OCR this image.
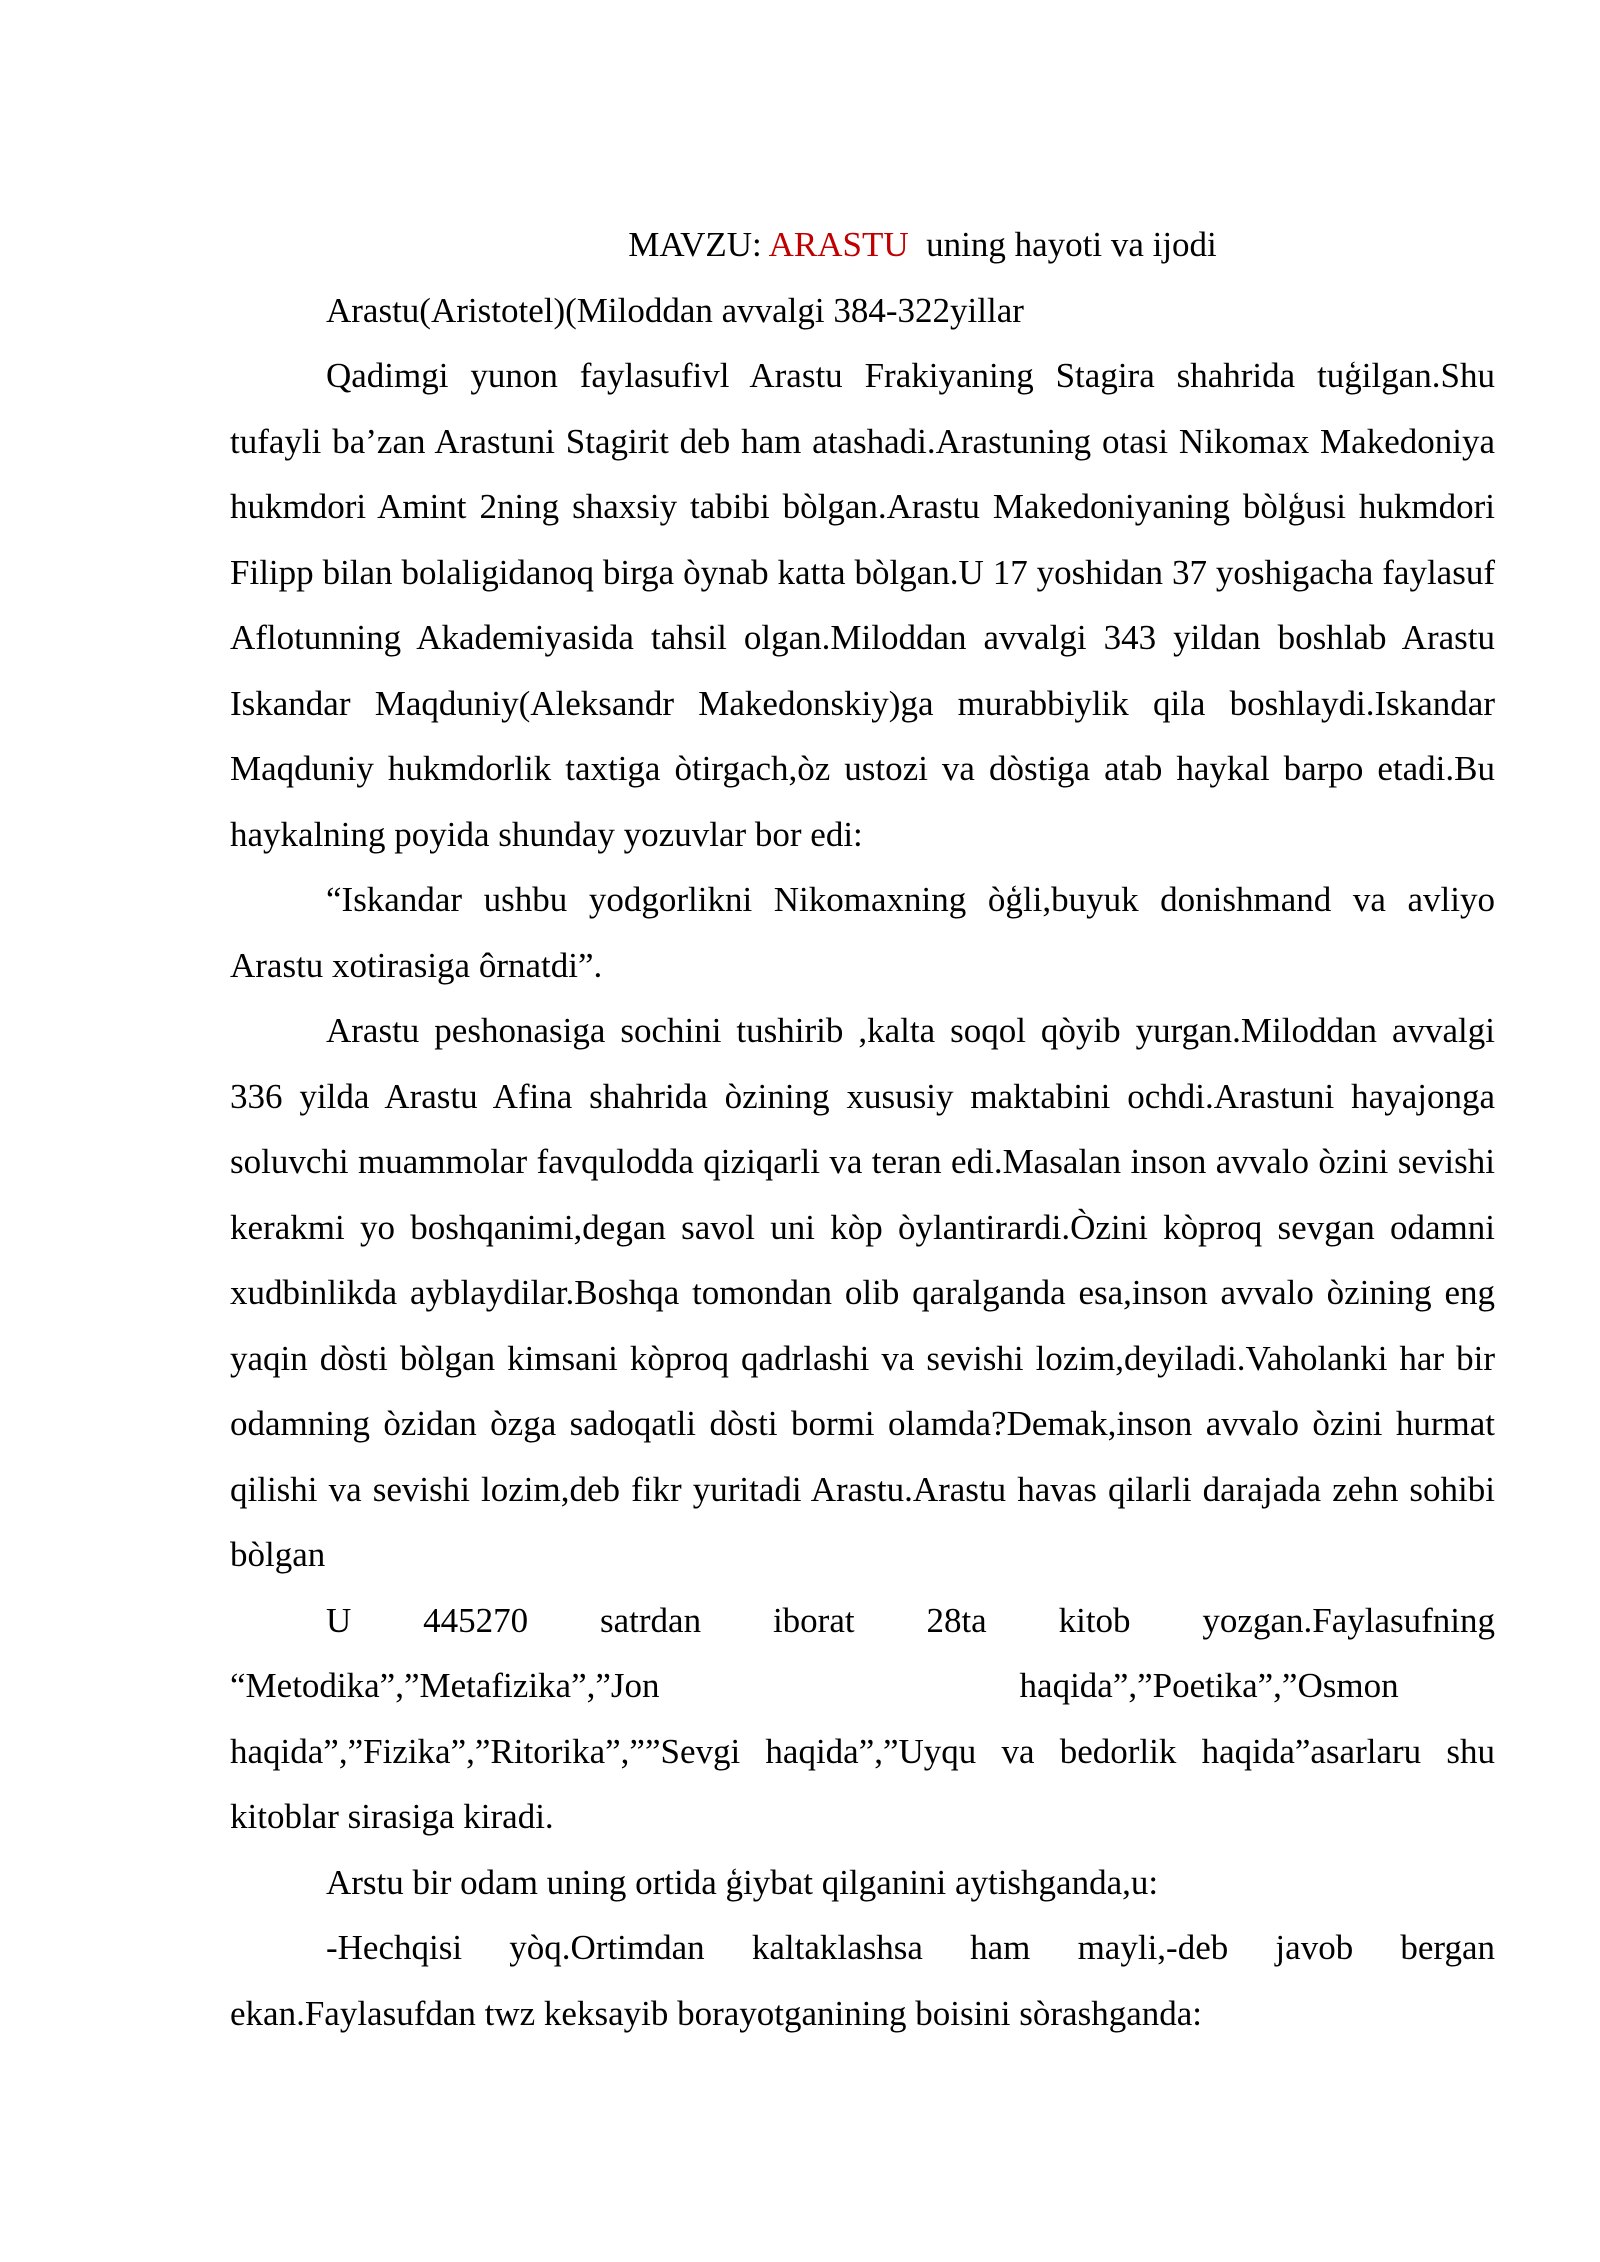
MAVZU: ARASTU  uning hayoti va ijodi

Arastu(Aristotel)(Miloddan avvalgi 384-322yillar

Qadimgi yunon faylasufivl Arastu Frakiyaning Stagira shahrida tuģilgan.Shu tufayli ba’zan Arastuni Stagirit deb ham atashadi.Arastuning otasi Nikomax Makedoniya hukmdori Amint 2ning shaxsiy tabibi bòlgan.Arastu Makedoniyaning bòlģusi hukmdori Filipp bilan bolaligidanoq birga òynab katta bòlgan.U 17 yoshidan 37 yoshigacha faylasuf Aflotunning Akademiyasida tahsil olgan.Miloddan avvalgi 343 yildan boshlab Arastu Iskandar Maqduniy(Aleksandr Makedonskiy)ga murabbiylik qila boshlaydi.Iskandar Maqduniy hukmdorlik taxtiga òtirgach,òz ustozi va dòstiga atab haykal barpo etadi.Bu haykalning poyida shunday yozuvlar bor edi:

“Iskandar ushbu yodgorlikni Nikomaxning òģli,buyuk donishmand va avliyo Arastu xotirasiga ôrnatdi”.

Arastu peshonasiga sochini tushirib ,kalta soqol qòyib yurgan.Miloddan avvalgi 336 yilda Arastu Afina shahrida òzining xususiy maktabini ochdi.Arastuni hayajonga soluvchi muammolar favqulodda qiziqarli va teran edi.Masalan inson avvalo òzini sevishi kerakmi yo boshqanimi,degan savol uni kòp òylantirardi.Òzini kòproq sevgan odamni xudbinlikda ayblaydilar.Boshqa tomondan olib qaralganda esa,inson avvalo òzining eng yaqin dòsti bòlgan kimsani kòproq qadrlashi va sevishi lozim,deyiladi.Vaholanki har bir odamning òzidan òzga sadoqatli dòsti bormi olamda?Demak,inson avvalo òzini hurmat qilishi va sevishi lozim,deb fikr yuritadi Arastu.Arastu havas qilarli darajada zehn sohibi bòlgan

U 445270 satrdan iborat 28ta kitob yozgan.Faylasufning

“Metodika”,”Metafizika”,”Jon	haqida”,”Poetika”,”Osmon

haqida”,”Fizika”,”Ritorika”,””Sevgi haqida”,”Uyqu va bedorlik haqida”asarlaru shu kitoblar sirasiga kiradi.

Arstu bir odam uning ortida ģiybat qilganini aytishganda,u:

-Hechqisi yòq.Ortimdan kaltaklashsa ham mayli,-deb javob bergan ekan.Faylasufdan twz keksayib borayotganining boisini sòrashganda:
